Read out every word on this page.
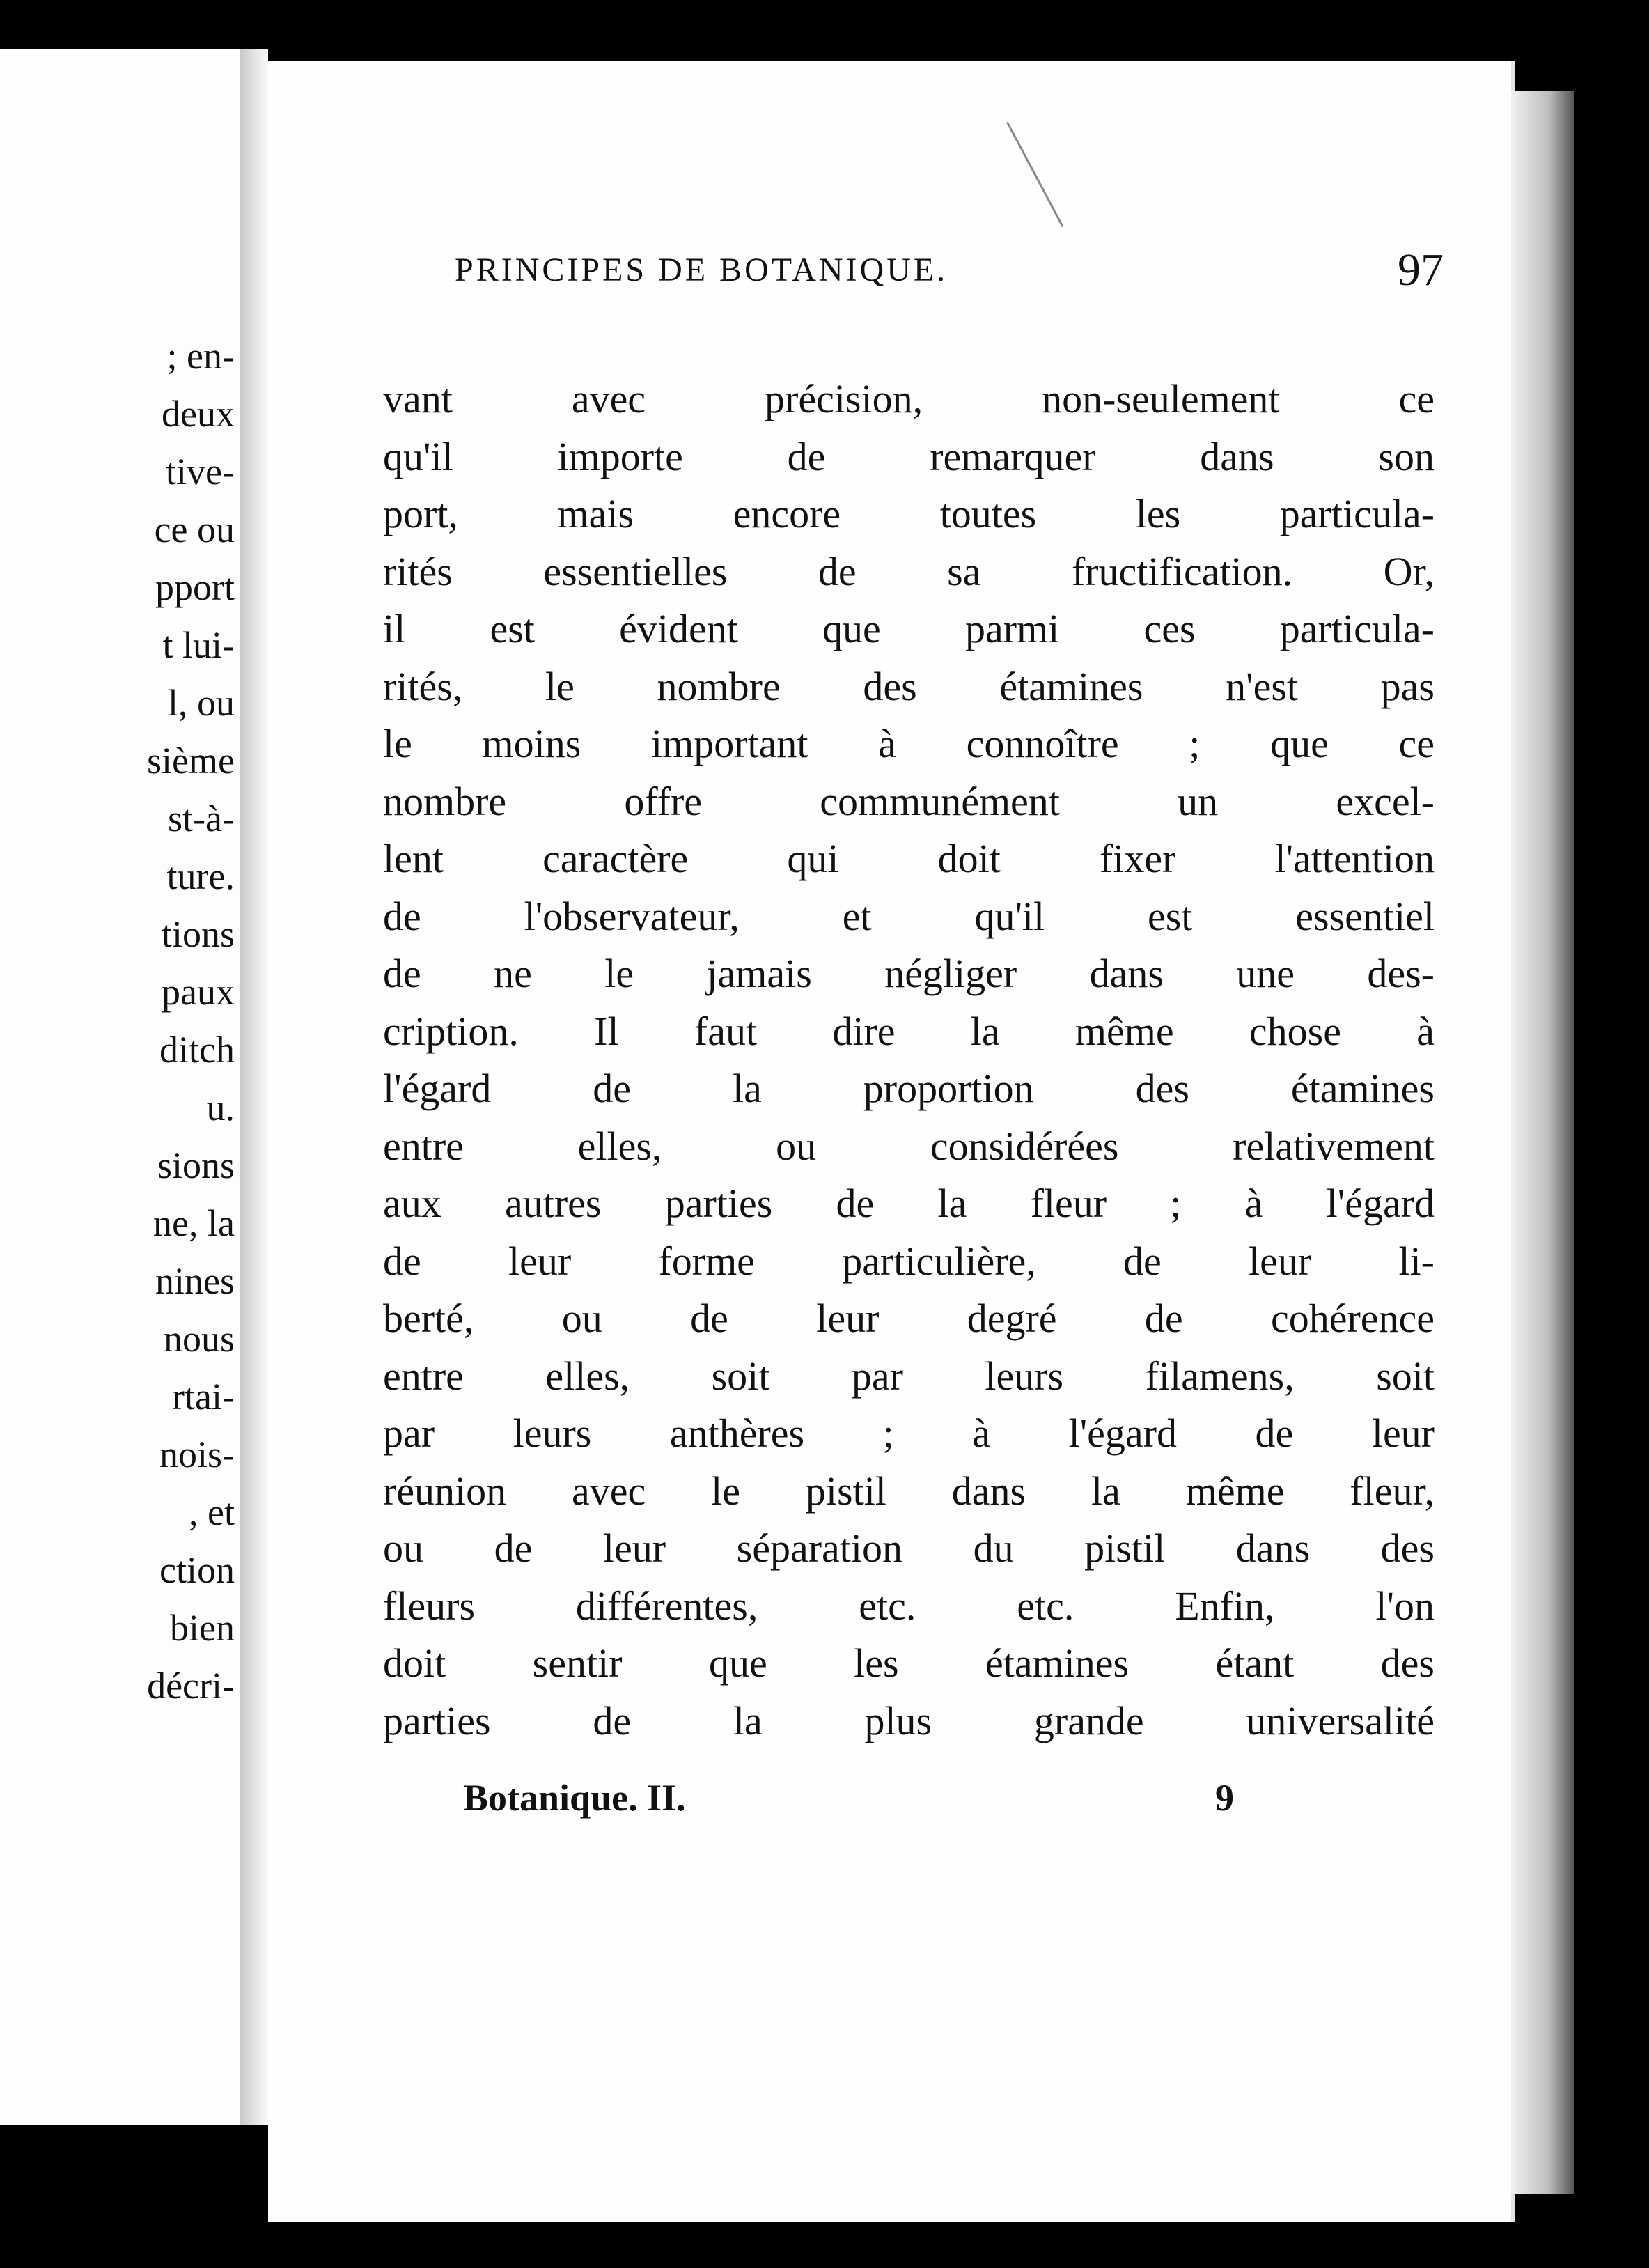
; en-
deux
tive-
ce ou
pport
t lui-
l, ou
sième
st-à-
ture.
tions
paux
ditch
u.
sions
ne, la
nines
nous
rtai-
nois-
, et
ction
bien
décri-
PRINCIPES DE BOTANIQUE.	97
vant avec précision, non-seulement ce
qu'il importe de remarquer dans son
port, mais encore toutes les particula-
rités essentielles de sa fructification. Or,
il est évident que parmi ces particula-
rités, le nombre des étamines n'est pas
le moins important à connoître ; que ce
nombre offre communément un excel-
lent caractère qui doit fixer l'attention
de l'observateur, et qu'il est essentiel
de ne le jamais négliger dans une des-
cription. Il faut dire la même chose à
l'égard de la proportion des étamines
entre elles, ou considérées relativement
aux autres parties de la fleur ; à l'égard
de leur forme particulière, de leur li-
berté, ou de leur degré de cohérence
entre elles, soit par leurs filamens, soit
par leurs anthères ; à l'égard de leur
réunion avec le pistil dans la même fleur,
ou de leur séparation du pistil dans des
fleurs différentes, etc. etc. Enfin, l'on
doit sentir que les étamines étant des
parties de la plus grande universalité
Botanique. II.	9
